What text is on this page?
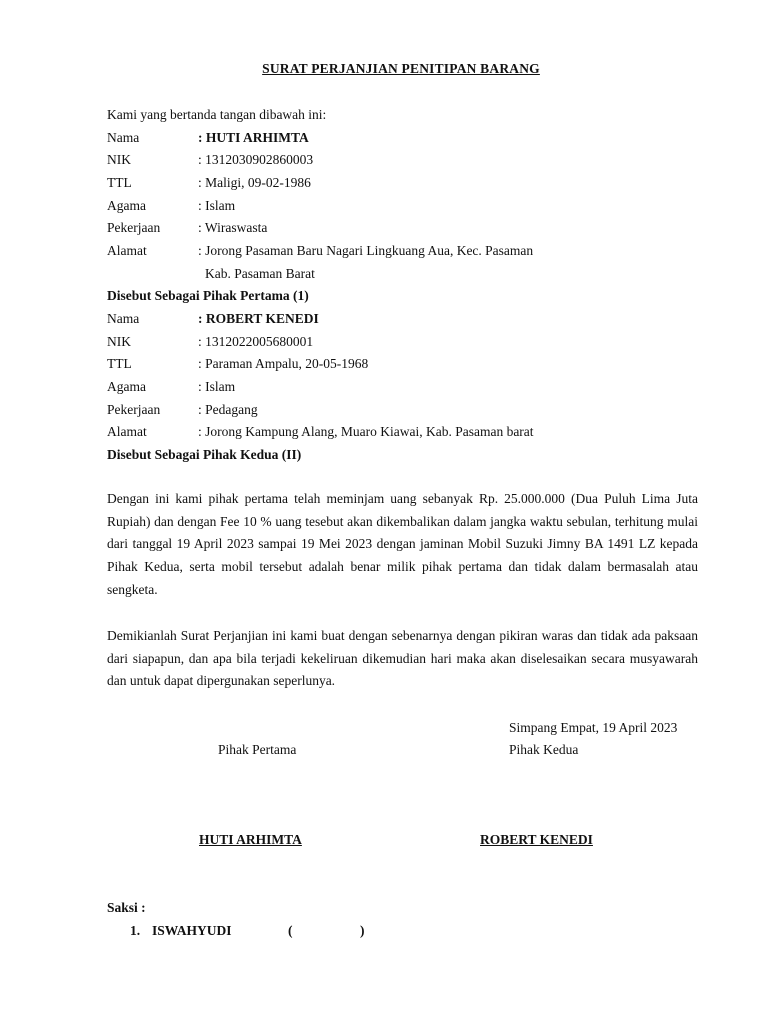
SURAT PERJANJIAN PENITIPAN BARANG
Kami yang bertanda tangan dibawah ini:
Nama	: HUTI ARHIMTA
NIK	: 1312030902860003
TTL	: Maligi, 09-02-1986
Agama	: Islam
Pekerjaan	: Wiraswasta
Alamat	: Jorong Pasaman Baru Nagari Lingkuang Aua, Kec. Pasaman
Kab. Pasaman Barat
Disebut Sebagai Pihak Pertama (1)
Nama	: ROBERT KENEDI
NIK	: 1312022005680001
TTL	: Paraman Ampalu, 20-05-1968
Agama	: Islam
Pekerjaan	: Pedagang
Alamat	: Jorong Kampung Alang, Muaro Kiawai, Kab. Pasaman barat
Disebut Sebagai Pihak Kedua (II)

Dengan ini kami pihak pertama telah meminjam uang sebanyak Rp. 25.000.000 (Dua Puluh Lima Juta Rupiah) dan dengan Fee 10 % uang tesebut akan dikembalikan dalam jangka waktu sebulan, terhitung mulai dari tanggal 19 April 2023 sampai 19 Mei 2023 dengan jaminan Mobil Suzuki Jimny BA 1491 LZ kepada Pihak Kedua, serta mobil tersebut adalah benar milik pihak pertama dan tidak dalam bermasalah atau sengketa.

Demikianlah Surat Perjanjian ini kami buat dengan sebenarnya dengan pikiran waras dan tidak ada paksaan dari siapapun, dan apa bila terjadi kekeliruan dikemudian hari maka akan diselesaikan secara musyawarah dan untuk dapat dipergunakan seperlunya.

Simpang Empat, 19 April 2023
Pihak Pertama	Pihak Kedua
HUTI ARHIMTA	ROBERT KENEDI
Saksi :
1. ISWAHYUDI	(                    )
